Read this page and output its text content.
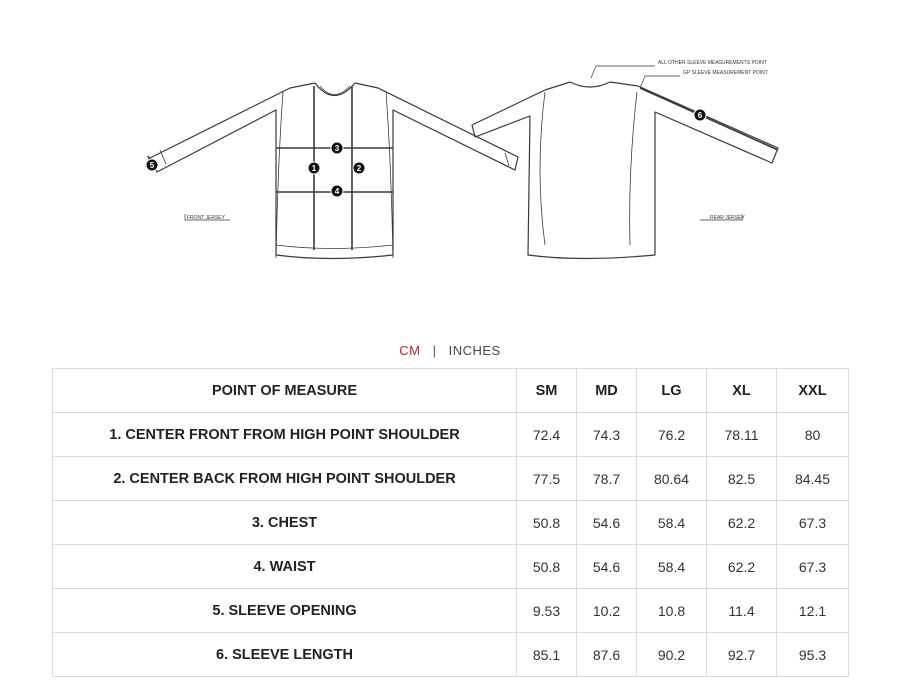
1	2
3
4
5
6
FRONT JERSEY	REAR JERSEY
ALL OTHER SLEEVE MEASUREMENTS POINT
GP SLEEVE MEASUREMENT POINT
CM | INCHES
POINT OF MEASURE	SM	MD	LG	XL	XXL
1. CENTER FRONT FROM HIGH POINT SHOULDER	72.4	74.3	76.2	78.11	80
2. CENTER BACK FROM HIGH POINT SHOULDER	77.5	78.7	80.64	82.5	84.45
3. CHEST	50.8	54.6	58.4	62.2	67.3
4. WAIST	50.8	54.6	58.4	62.2	67.3
5. SLEEVE OPENING	9.53	10.2	10.8	11.4	12.1
6. SLEEVE LENGTH	85.1	87.6	90.2	92.7	95.3
